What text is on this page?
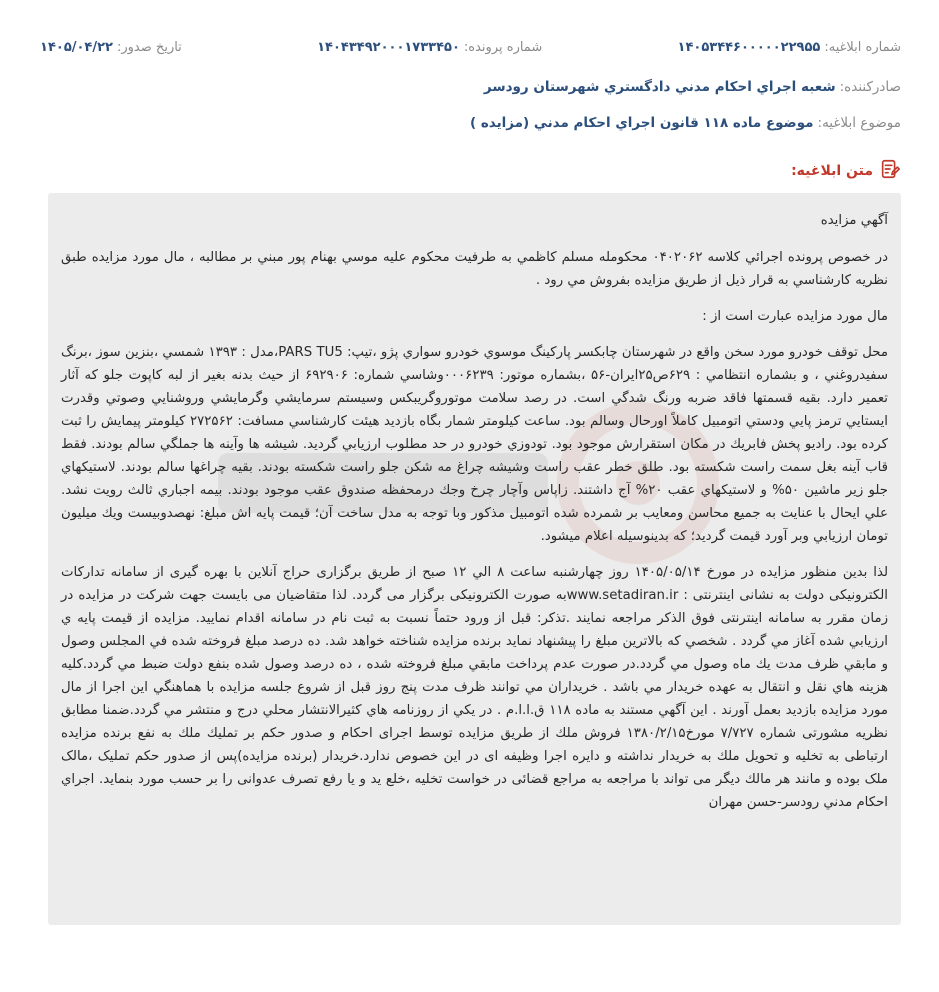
شماره ابلاغیه:
۱۴۰۵۳۴۴۶۰۰۰۰۰۲۲۹۵۵
شماره پرونده:
۱۴۰۴۳۴۹۲۰۰۰۱۷۳۳۴۵۰
تاریخ صدور:
۱۴۰۵/۰۴/۲۲
صادرکننده:
شعبه اجراي احكام مدني دادگستري شهرستان رودسر
موضوع ابلاغیه:
موضوع ماده ۱۱۸ قانون اجراي احكام مدني (مزايده )
متن ابلاغیه:

آگهي مزايده

در خصوص پرونده اجرائي كلاسه ۰۴۰۲۰۶۲ محكومله مسلم كاظمي به طرفيت محكوم عليه موسي بهنام پور مبني بر مطالبه ، مال مورد مزايده طبق نظريه كارشناسي به قرار ذيل از طريق مزايده بفروش مي رود .

مال مورد مزايده عبارت است از :

محل توقف خودرو مورد سخن واقع در شهرستان چابكسر پاركينگ موسوي خودرو سواري پژو ،تيپ: PARS TU5،مدل : ۱۳۹۳ شمسي ،بنزين سوز ،برنگ سفيدروغني ، و بشماره انتظامي : ۶۲۹ص۲۵ايران-۵۶ ،بشماره موتور: ۰۰۰۶۲۳۹وشاسي شماره: ۶۹۲۹۰۶ از حيث بدنه بغير از لبه كاپوت جلو كه آثار تعمير دارد. بقيه قسمتها فاقد ضربه ورنگ شدگي است. در رصد سلامت موتوروگريبكس وسيستم سرمايشي وگرمايشي وروشنايي وصوتي وقدرت ايستايي ترمز پايي ودستي اتومبيل كاملاً اورحال وسالم بود. ساعت كيلومتر شمار بگاه بازديد هيئت كارشناسي مسافت: ۲۷۲۵۶۲ كيلومتر پيمايش را ثبت كرده بود. راديو پخش فابريك در مكان استقرارش موجود بود. تودوزي خودرو در حد مطلوب ارزيابي گرديد. شيشه ها وآينه ها جملگي سالم بودند. فقط قاب آينه بغل سمت راست شكسته بود. طلق خطر عقب راست وشيشه چراغ مه شكن جلو راست شكسته بودند. بقيه چراغها سالم بودند. لاستيكهاي جلو زير ماشين ۵۰% و لاستيكهاي عقب ۲۰% آج داشتند. زاپاس وآچار چرخ وجك درمحفظه صندوق عقب موجود بودند. بيمه اجباري ثالث رويت نشد. علي ايحال با عنايت به جميع محاسن ومعايب بر شمرده شده اتومبيل مذكور وبا توجه به مدل ساخت آن؛ قيمت پايه اش مبلغ: نهصدوبيست ويك ميليون تومان ارزيابي وبر آورد قيمت گرديد؛ كه بدينوسيله اعلام ميشود.

لذا بدين منظور مزايده در مورخ ۱۴۰۵/۰۵/۱۴ روز چهارشنبه ساعت ۸ الي ۱۲ صبح از طریق برگزاری حراج آنلاین با بهره گیری از سامانه تدارکات الکترونیکی دولت به نشانی اینترنتی : www.setadiran.irبه صورت الکترونیکی برگزار می گردد. لذا متقاضیان می بایست جهت شرکت در مزایده در زمان مقرر به سامانه اینترنتی فوق الذکر مراجعه نمایند .تذکر: قبل از ورود حتماً نسبت به ثبت نام در سامانه اقدام نمایید. مزايده از قيمت پايه ي ارزيابي شده آغاز مي گردد . شخصي كه بالاترين مبلغ را پيشنهاد نمايد برنده مزايده شناخته خواهد شد. ده درصد مبلغ فروخته شده في المجلس وصول و مابقي ظرف مدت يك ماه وصول مي گردد.در صورت عدم پرداخت مابقي مبلغ فروخته شده ، ده درصد وصول شده بنفع دولت ضبط مي گردد.كليه هزينه هاي نقل و انتقال به عهده خريدار مي باشد . خريداران مي توانند ظرف مدت پنج روز قبل از شروع جلسه مزايده با هماهنگي اين اجرا از مال مورد مزايده بازديد بعمل آورند . اين آگهي مستند به ماده ۱۱۸ ق.ا.ا.م . در يكي از روزنامه هاي كثيرالانتشار محلي درج و منتشر مي گردد.ضمنا مطابق نظريه مشورتی شماره ۷/۷۲۷ مورخ۱۳۸۰/۲/۱۵ فروش ملك از طريق مزايده توسط اجرای احکام و صدور حكم بر تمليك ملك به نفع برنده مزايده ارتباطی به تخلیه و تحويل ملك به خريدار نداشته و دایره اجرا وظیفه ای در این خصوص ندارد.خريدار (برنده مزايده)پس از صدور حکم تملیک ،مالک ملک بوده و مانند هر مالك ديگر می تواند با مراجعه به مراجع قضائی در خواست تخليه ،خلع يد و يا رفع تصرف عدوانی را بر حسب مورد بنمايد. اجراي احكام مدني رودسر-حسن مهران
